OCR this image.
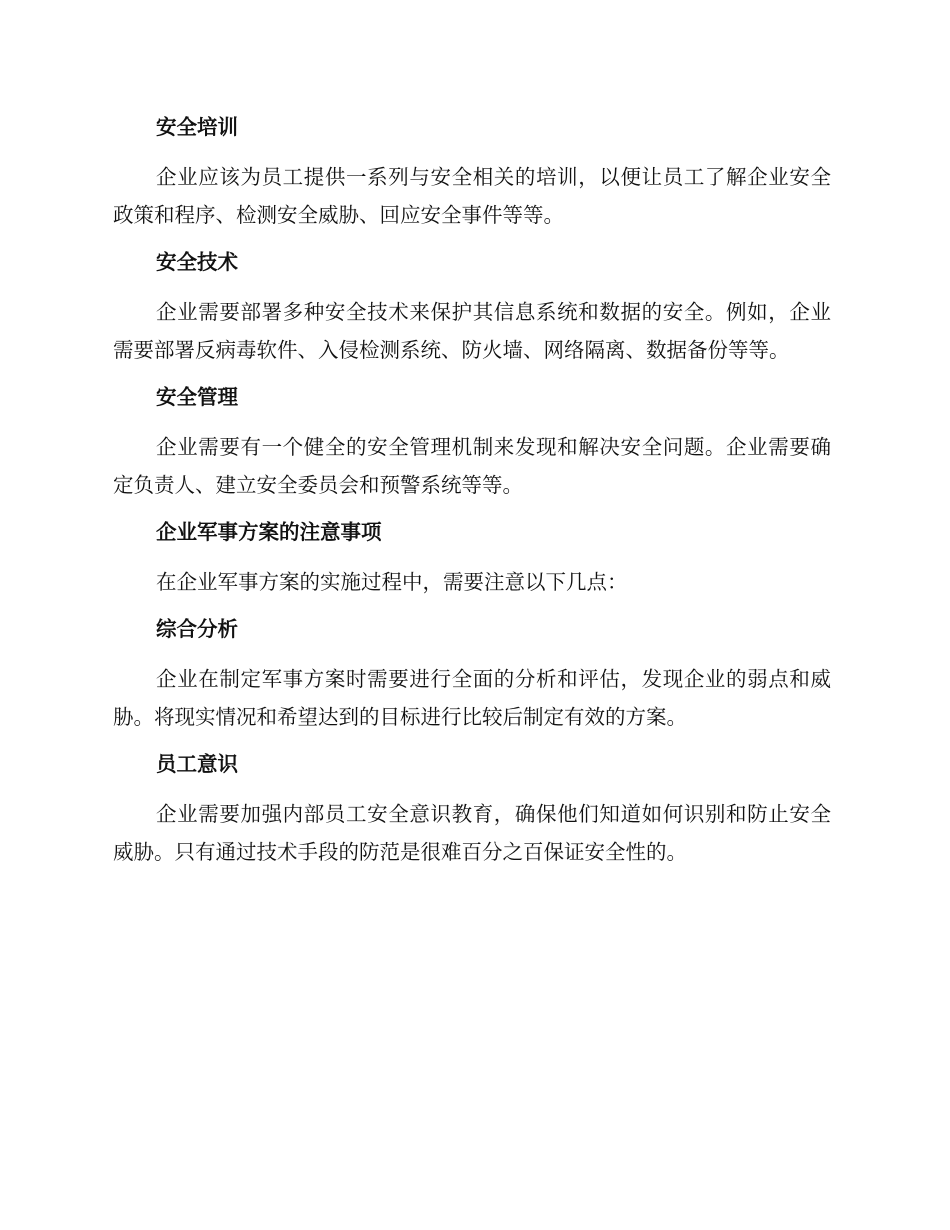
安全培训

企业应该为员工提供一系列与安全相关的培训，以便让员工了解企业安全政策和程序、检测安全威胁、回应安全事件等等。

安全技术

企业需要部署多种安全技术来保护其信息系统和数据的安全。例如，企业需要部署反病毒软件、入侵检测系统、防火墙、网络隔离、数据备份等等。

安全管理

企业需要有一个健全的安全管理机制来发现和解决安全问题。企业需要确定负责人、建立安全委员会和预警系统等等。

企业军事方案的注意事项

在企业军事方案的实施过程中，需要注意以下几点：

综合分析

企业在制定军事方案时需要进行全面的分析和评估，发现企业的弱点和威胁。将现实情况和希望达到的目标进行比较后制定有效的方案。

员工意识

企业需要加强内部员工安全意识教育，确保他们知道如何识别和防止安全威胁。只有通过技术手段的防范是很难百分之百保证安全性的。
